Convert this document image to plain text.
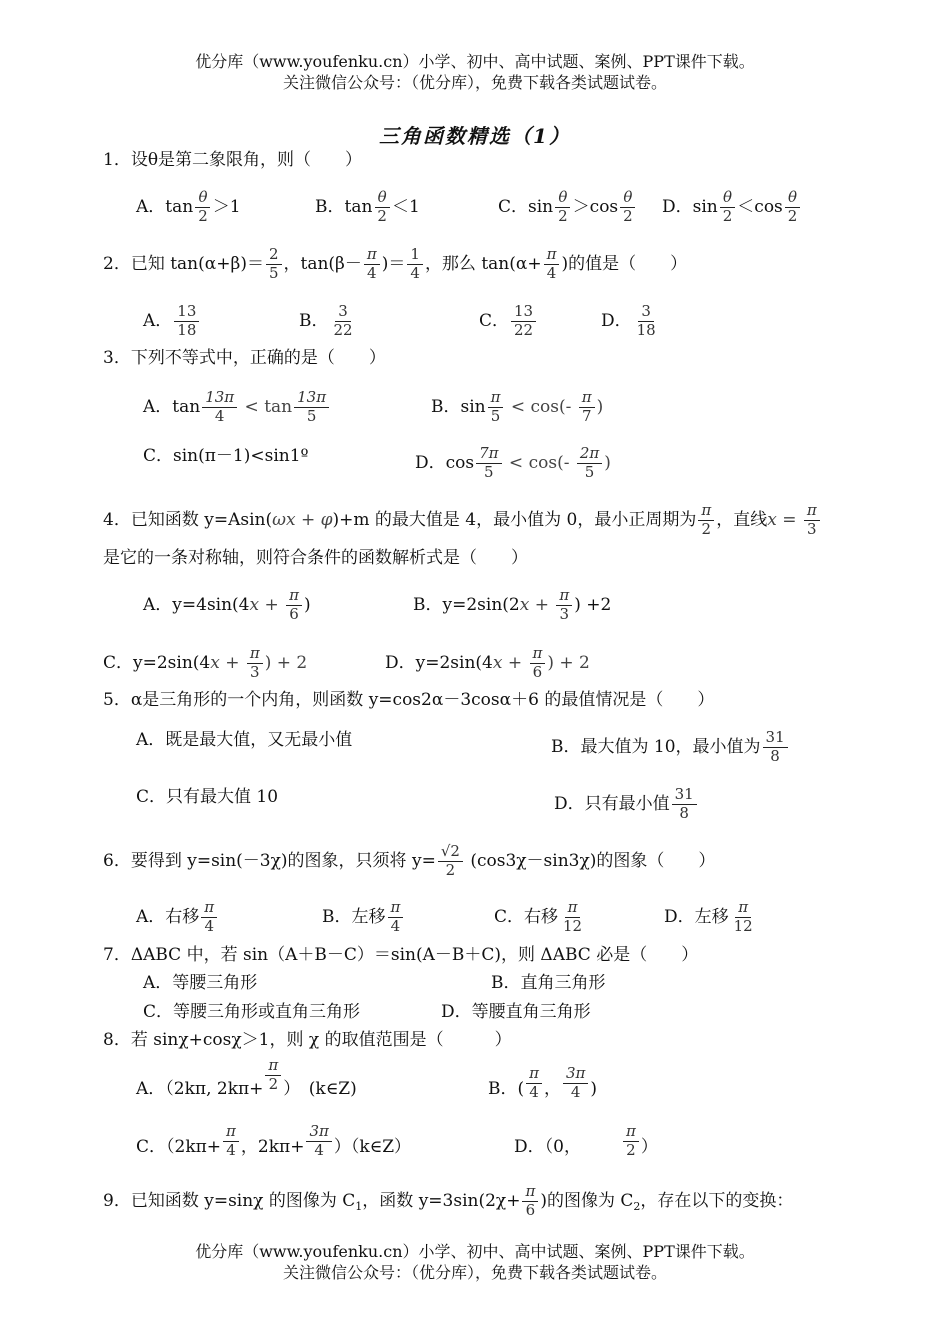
优分库（www.youfenku.cn）小学、初中、高中试题、案例、PPT课件下载。
关注微信公众号：（优分库），免费下载各类试题试卷。
三角函数精选（1）
1．设θ是第二象限角，则（　　）
A．$\tan \frac{\theta}{2} >1$	B．$\tan \frac{\theta}{2} <1$	C．$\sin \frac{\theta}{2} >\cos \frac{\theta}{2}$ D．$\sin \frac{\theta}{2} <\cos \frac{\theta}{2}$
2．已知 $\tan(\alpha+\beta)= \frac{2}{5}$ ，$\tan(\beta- \frac{\pi}{4}$ )＝ $\frac{1}{4}$ ，那么 $\tan(\alpha+ \frac{\pi}{4}$ )的值是（　　）
A． $\frac{13}{18}$	B． $\frac{3}{22}$	C． $\frac{13}{22}$	D． $\frac{3}{18}$
3．下列不等式中，正确的是（　　）
A．$\tan \frac{13\pi}{4} < \tan \frac{13\pi}{5}$	B．$\sin \frac{\pi}{5} < \cos(- \frac{\pi}{7}$ )
C．sin(π－1)<sin1º	D．$\cos \frac{7\pi}{5} < \cos(- \frac{2\pi}{5}$ )
4．已知函数 y=Asin(ωx + φ)+m 的最大值是 4，最小值为 0，最小正周期为 $\frac{\pi}{2}$ ，直线$x = \frac{\pi}{3}$
是它的一条对称轴，则符合条件的函数解析式是（　　）
A．$y=4\sin(4x + \frac{\pi}{6}$ )	B．$y=2\sin(2x + \frac{\pi}{3}$ ) +2
C．$y=2\sin(4x + \frac{\pi}{3}$ ) + 2	D．$y=2\sin(4x + \frac{\pi}{6}$ ) + 2
5．α是三角形的一个内角，则函数 y=cos2α－3cosα＋6 的最值情况是（　　）
A．既是最大值，又无最小值	B．最大值为 10，最小值为 $\frac{31}{8}$
C．只有最大值 10	D．只有最小值 $\frac{31}{8}$
6．要得到 y=sin(－3χ)的图象，只须将 $y= \frac{√2}{2} (\cos 3\chi-\sin 3\chi)$的图象（　　）
A．右移 $\frac{\pi}{4}$	B．左移 $\frac{\pi}{4}$	C．右移 $\frac{\pi}{12}$	D．左移 $\frac{\pi}{12}$
7．ΔABC 中，若 sin（A＋B－C）＝sin(A－B＋C)，则 ΔABC 必是（　　）
A．等腰三角形	B．直角三角形
C．等腰三角形或直角三角形	D．等腰直角三角形
8．若 sinχ+cosχ＞1，则 χ 的取值范围是（　　　）
A．（2kπ, $2k\pi+ \frac{\pi}{2}$ ）　(k∈Z)	B．( $\frac{\pi}{4}$ ， $\frac{3\pi}{4}$ )
C．（$2k\pi+ \frac{\pi}{4}$ ，$2k\pi+ \frac{3\pi}{4}$ ）（k∈Z）	D．（0，	$\frac{\pi}{2}$ ）
9．已知函数 y=sinχ 的图像为 $C_1$，函数 $y=3\sin(2\chi+ \frac{\pi}{6}$ )的图像为 $C_2$，存在以下的变换：
优分库（www.youfenku.cn）小学、初中、高中试题、案例、PPT课件下载。
关注微信公众号：（优分库），免费下载各类试题试卷。
